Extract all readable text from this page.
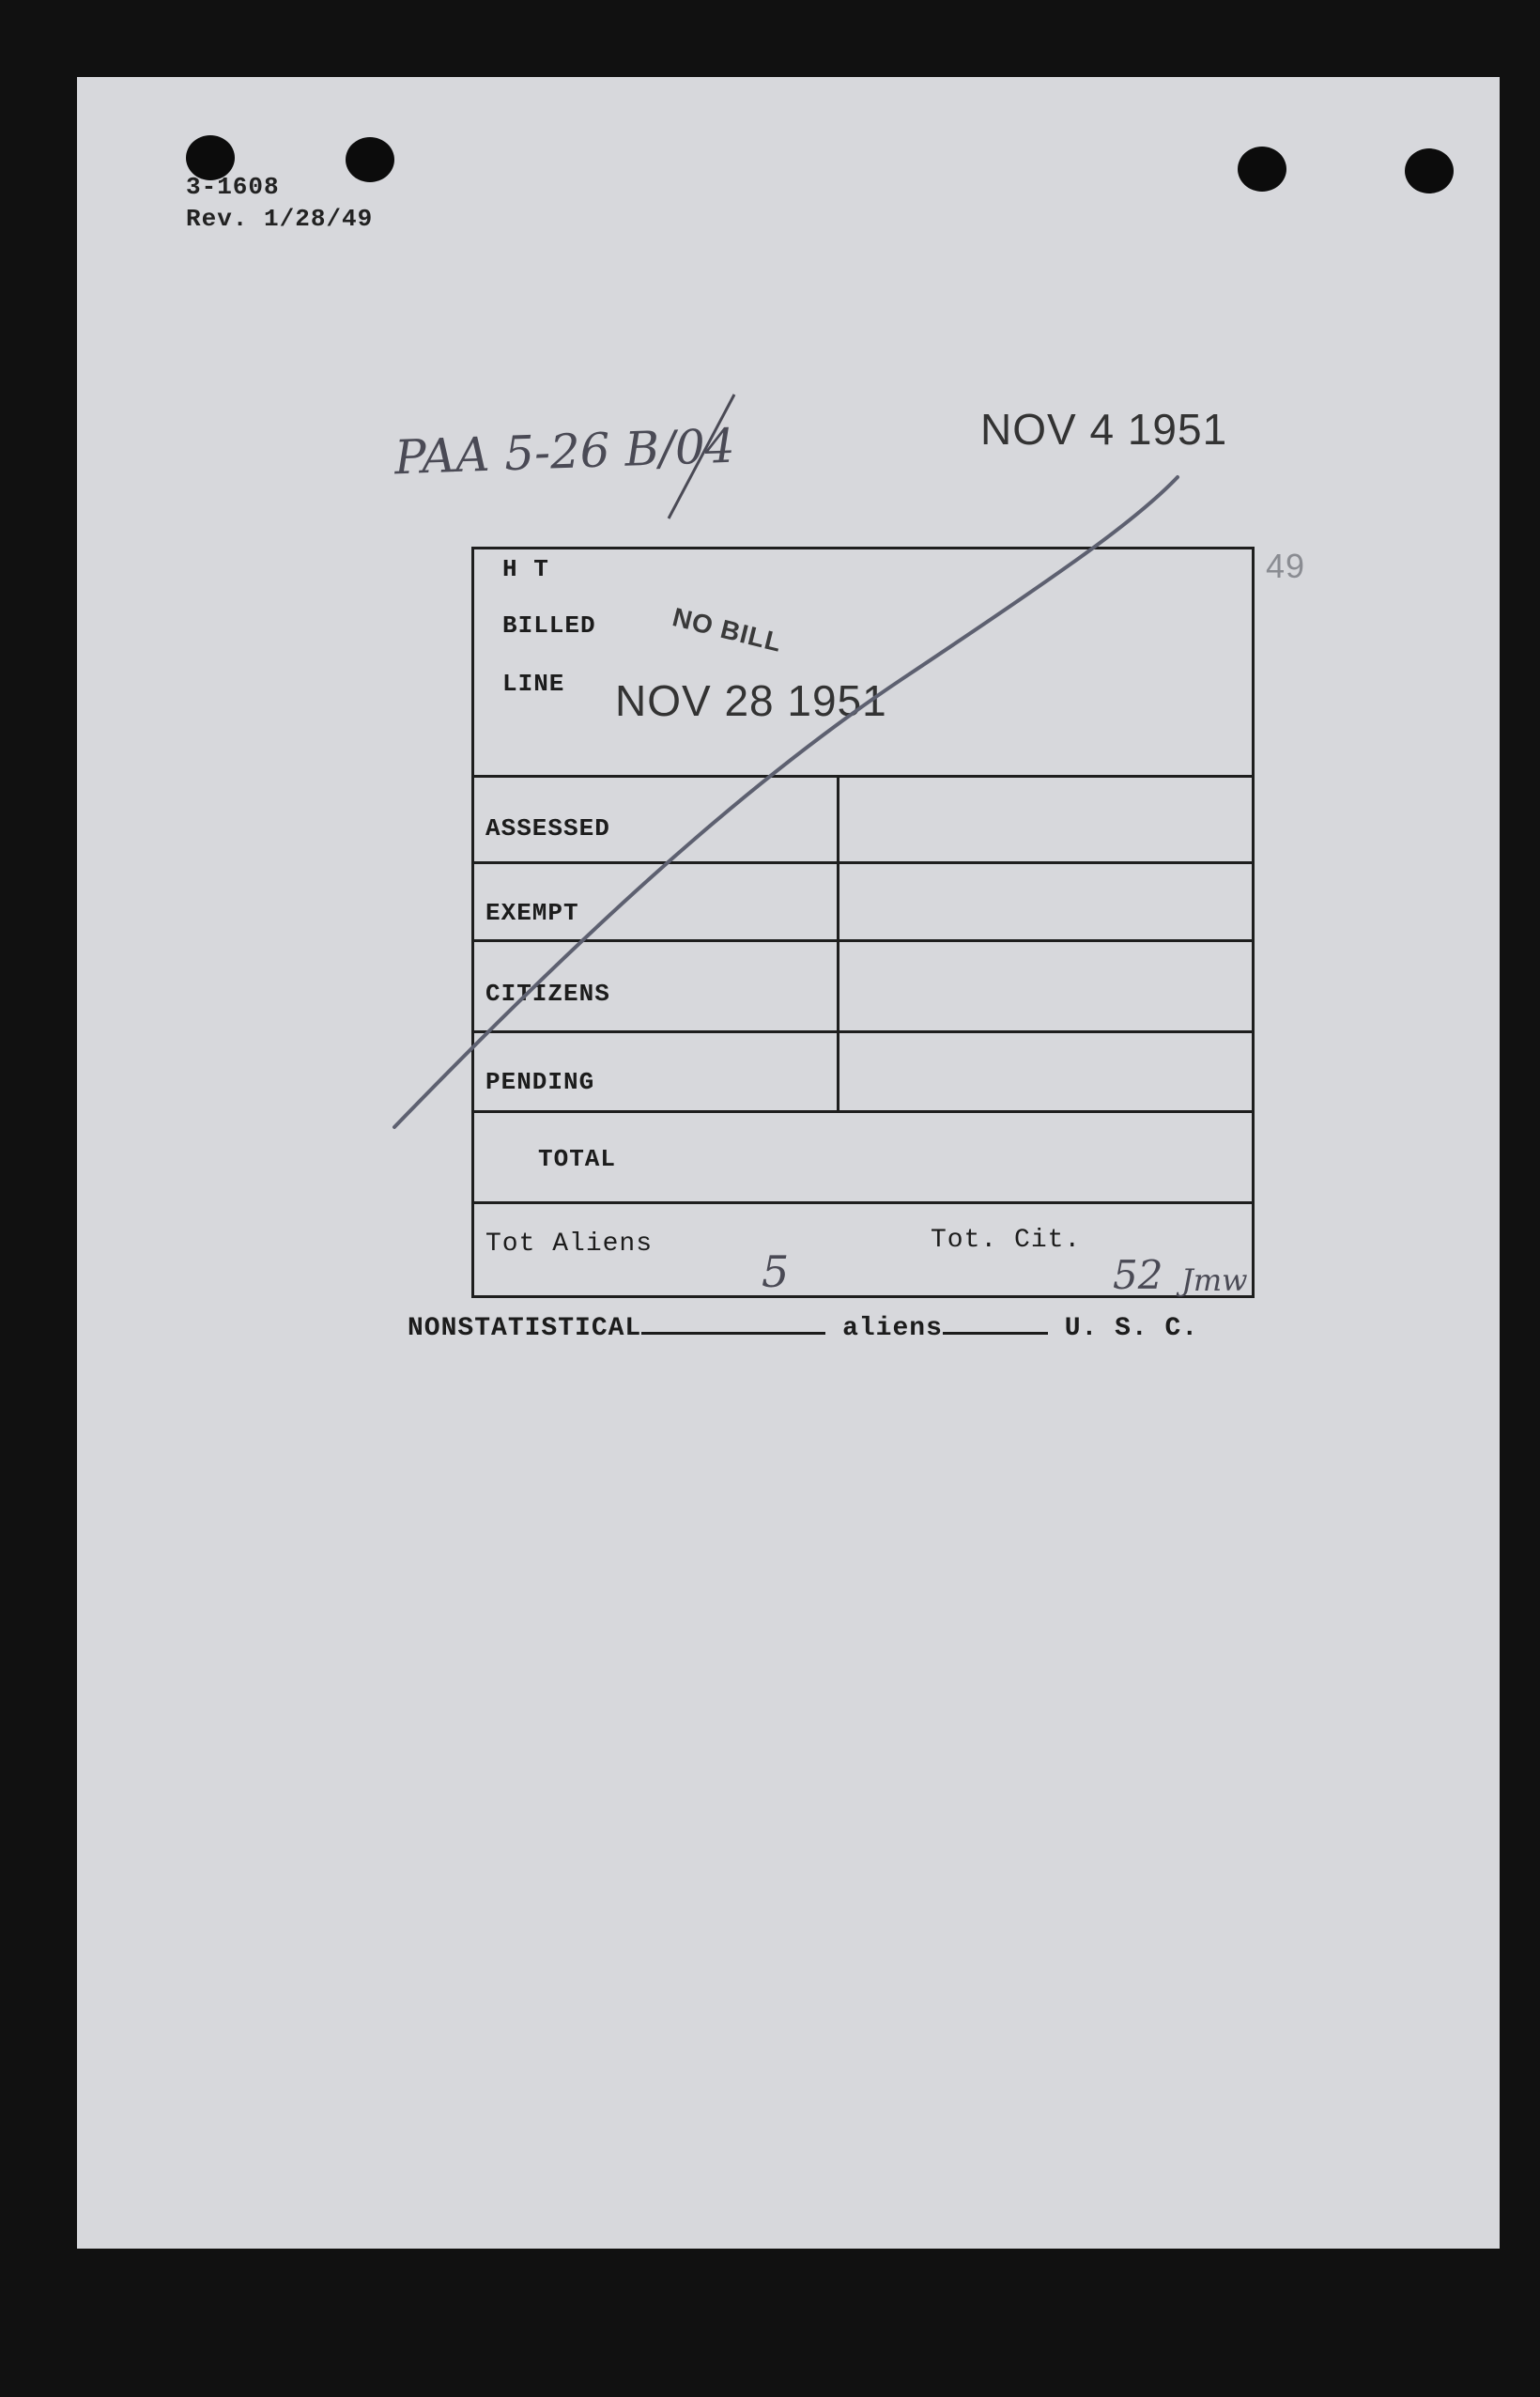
3-1608
Rev. 1/28/49
PAA 5-26 B/04	NOV 4 1951
49
H T
BILLED
LINE
NO BILL
NOV 28 1951
ASSESSED
EXEMPT
CITIZENS
PENDING
TOTAL
Tot Aliens	Tot. Cit.
5	52 Jmw
NONSTATISTICAL	aliens	U. S. C.
